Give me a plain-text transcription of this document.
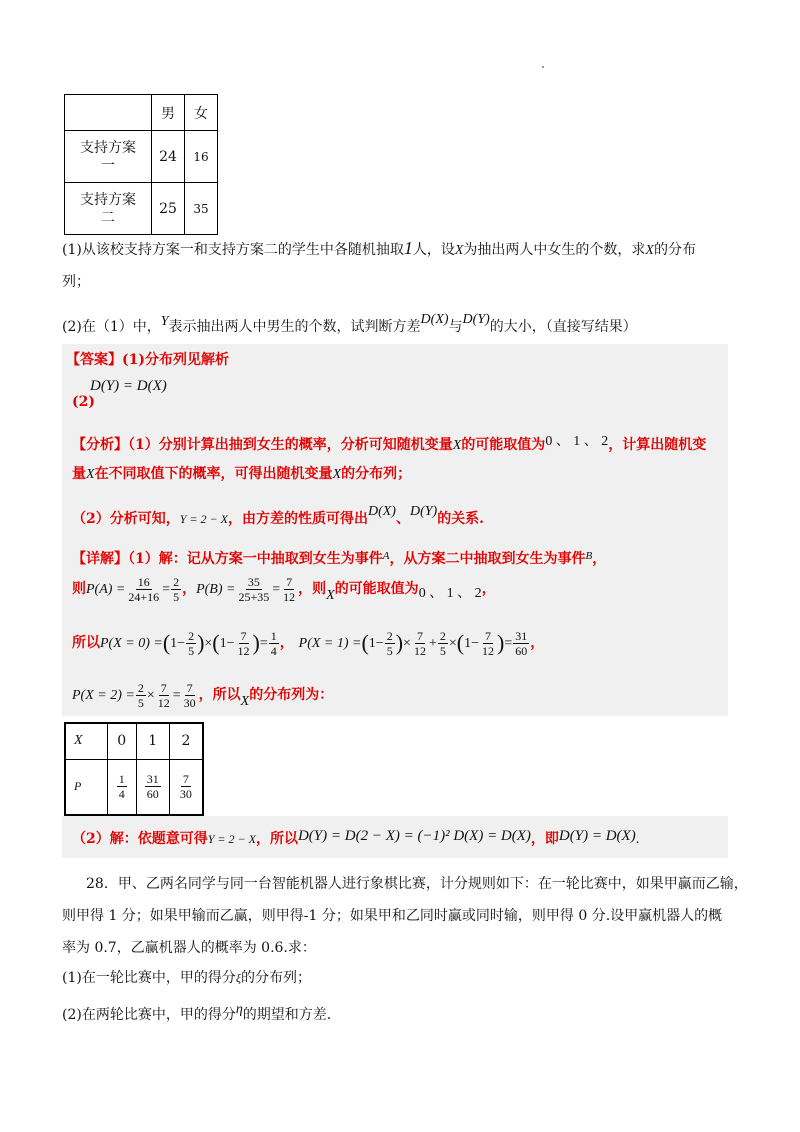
	男	女
支持方案
一	24	16
支持方案
二	25	35
(1)从该校支持方案一和支持方案二的学生中各随机抽取1人，设X为抽出两人中女生的个数，求X的分布
列；
(2)在（1）中，Y表示抽出两人中男生的个数，试判断方差D(X)与D(Y)的大小，（直接写结果）
【答案】(1)分布列见解析
(2)
D(Y) = D(X)
【分析】（1）分别计算出抽到女生的概率，分析可知随机变量X的可能取值为0 、 1 、 2，计算出随机变
量X在不同取值下的概率，可得出随机变量X的分布列；
（2）分析可知，Y = 2 − X，由方差的性质可得出D(X)、D(Y)的关系.
【详解】（1）解：记从方案一中抽取到女生为事件$^A$，从方案二中抽取到女生为事件$^B$，
则$P(A) = \frac{16}{24+16} = \frac{2}{5}$ ，$P(B) = \frac{35}{25+35} = \frac{7}{12}$ ，则X的可能取值为0 、 1 、 2，
所以$P(X = 0) =(1- \frac{2}{5} )\times(1- \frac{7}{12}$ )= $\frac{1}{4}$ ， $P(X = 1) =(1- \frac{2}{5}$ )× $\frac{7}{12} + \frac{2}{5} \times(1- \frac{7}{12}$ )= $\frac{31}{60}$ ，
$P(X = 2) = \frac{2}{5} \times \frac{7}{12} = \frac{7}{30}$ ，所以X的分布列为：
X	0	1	2
P	$\frac{1}{4}$	$\frac{31}{60}$	$\frac{7}{30}$
（2）解：依题意可得Y = 2 − X，所以D(Y) = D(2 − X) = (−1)² D(X) = D(X)，即D(Y) = D(X).
28．甲、乙两名同学与同一台智能机器人进行象棋比赛，计分规则如下：在一轮比赛中，如果甲赢而乙输，
则甲得 1 分；如果甲输而乙赢，则甲得-1 分；如果甲和乙同时赢或同时输，则甲得 0 分.设甲赢机器人的概
率为 0.7，乙赢机器人的概率为 0.6.求：
(1)在一轮比赛中，甲的得分ξ的分布列；
(2)在两轮比赛中，甲的得分η的期望和方差.
